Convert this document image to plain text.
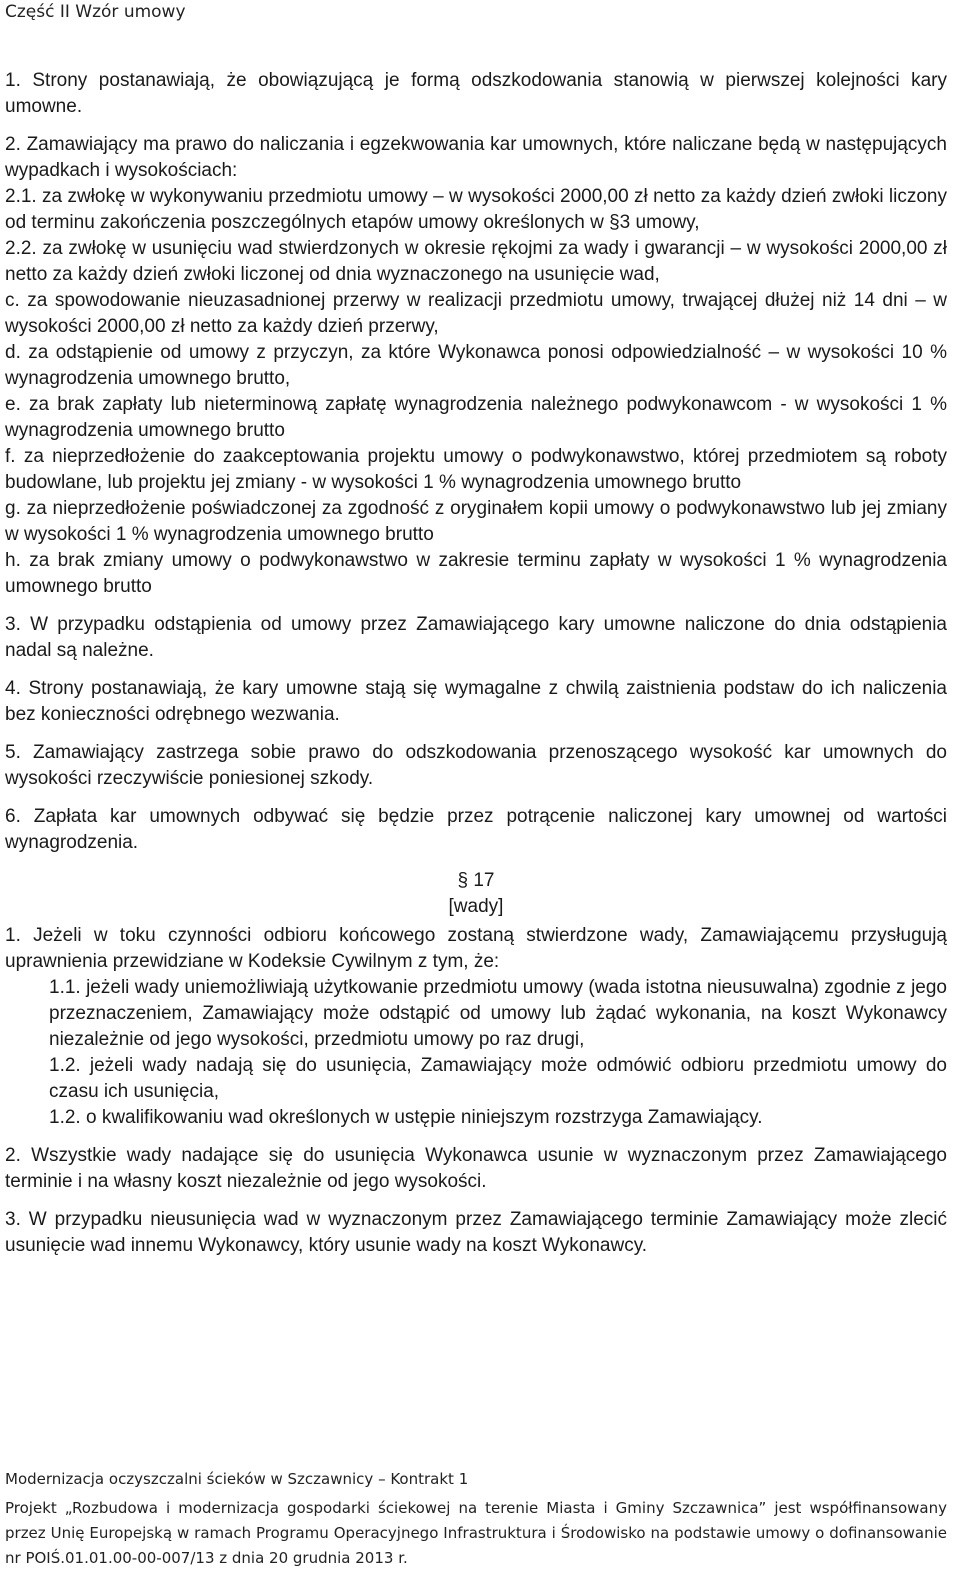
Część II Wzór umowy

1. Strony postanawiają, że obowiązującą je formą odszkodowania stanowią w pierwszej kolejności kary umowne.

2. Zamawiający ma prawo do naliczania i egzekwowania kar umownych, które naliczane będą w następujących wypadkach i wysokościach:

2.1. za zwłokę w wykonywaniu przedmiotu umowy – w wysokości 2000,00 zł netto za każdy dzień zwłoki liczony od terminu zakończenia poszczególnych etapów umowy określonych w §3 umowy,

2.2. za zwłokę w usunięciu wad stwierdzonych w okresie rękojmi za wady i gwarancji – w wysokości 2000,00 zł netto za każdy dzień zwłoki liczonej od dnia wyznaczonego na usunięcie wad,

c. za spowodowanie nieuzasadnionej przerwy w realizacji przedmiotu umowy, trwającej dłużej niż 14 dni – w wysokości 2000,00 zł netto za każdy dzień przerwy,

d. za odstąpienie od umowy z przyczyn, za które Wykonawca ponosi odpowiedzialność – w wysokości 10 % wynagrodzenia umownego brutto,

e. za brak zapłaty lub nieterminową zapłatę wynagrodzenia należnego podwykonawcom - w wysokości 1 % wynagrodzenia umownego brutto

f. za nieprzedłożenie do zaakceptowania projektu umowy o podwykonawstwo, której przedmiotem są roboty budowlane, lub projektu jej zmiany - w wysokości 1 % wynagrodzenia umownego brutto

g. za nieprzedłożenie poświadczonej za zgodność z oryginałem kopii umowy o podwykonawstwo lub jej zmiany w wysokości 1 % wynagrodzenia umownego brutto

h. za brak zmiany umowy o podwykonawstwo w zakresie terminu zapłaty w wysokości 1 % wynagrodzenia umownego brutto

3. W przypadku odstąpienia od umowy przez Zamawiającego kary umowne naliczone do dnia odstąpienia nadal są należne.

4. Strony postanawiają, że kary umowne stają się wymagalne z chwilą zaistnienia podstaw do ich naliczenia bez konieczności odrębnego wezwania.

5. Zamawiający zastrzega sobie prawo do odszkodowania przenoszącego wysokość kar umownych do wysokości rzeczywiście poniesionej szkody.

6. Zapłata kar umownych odbywać się będzie przez potrącenie naliczonej kary umownej od wartości wynagrodzenia.

§ 17
[wady]

1. Jeżeli w toku czynności odbioru końcowego zostaną stwierdzone wady, Zamawiającemu przysługują uprawnienia przewidziane w Kodeksie Cywilnym z tym, że:

1.1. jeżeli wady uniemożliwiają użytkowanie przedmiotu umowy (wada istotna nieusuwalna) zgodnie z jego przeznaczeniem, Zamawiający może odstąpić od umowy lub żądać wykonania, na koszt Wykonawcy niezależnie od jego wysokości, przedmiotu umowy po raz drugi,

1.2. jeżeli wady nadają się do usunięcia, Zamawiający może odmówić odbioru przedmiotu umowy do czasu ich usunięcia,

1.2. o kwalifikowaniu wad określonych w ustępie niniejszym rozstrzyga Zamawiający.

2. Wszystkie wady nadające się do usunięcia Wykonawca usunie w wyznaczonym przez Zamawiającego terminie i na własny koszt niezależnie od jego wysokości.

3. W przypadku nieusunięcia wad w wyznaczonym przez Zamawiającego terminie Zamawiający może zlecić usunięcie wad innemu Wykonawcy, który usunie wady na koszt Wykonawcy.

Modernizacja oczyszczalni ścieków w Szczawnicy – Kontrakt 1

Projekt „Rozbudowa i modernizacja gospodarki ściekowej na terenie Miasta i Gminy Szczawnica” jest współfinansowany przez Unię Europejską w ramach Programu Operacyjnego Infrastruktura i Środowisko na podstawie umowy o dofinansowanie nr POIŚ.01.01.00-00-007/13 z dnia 20 grudnia 2013 r.
